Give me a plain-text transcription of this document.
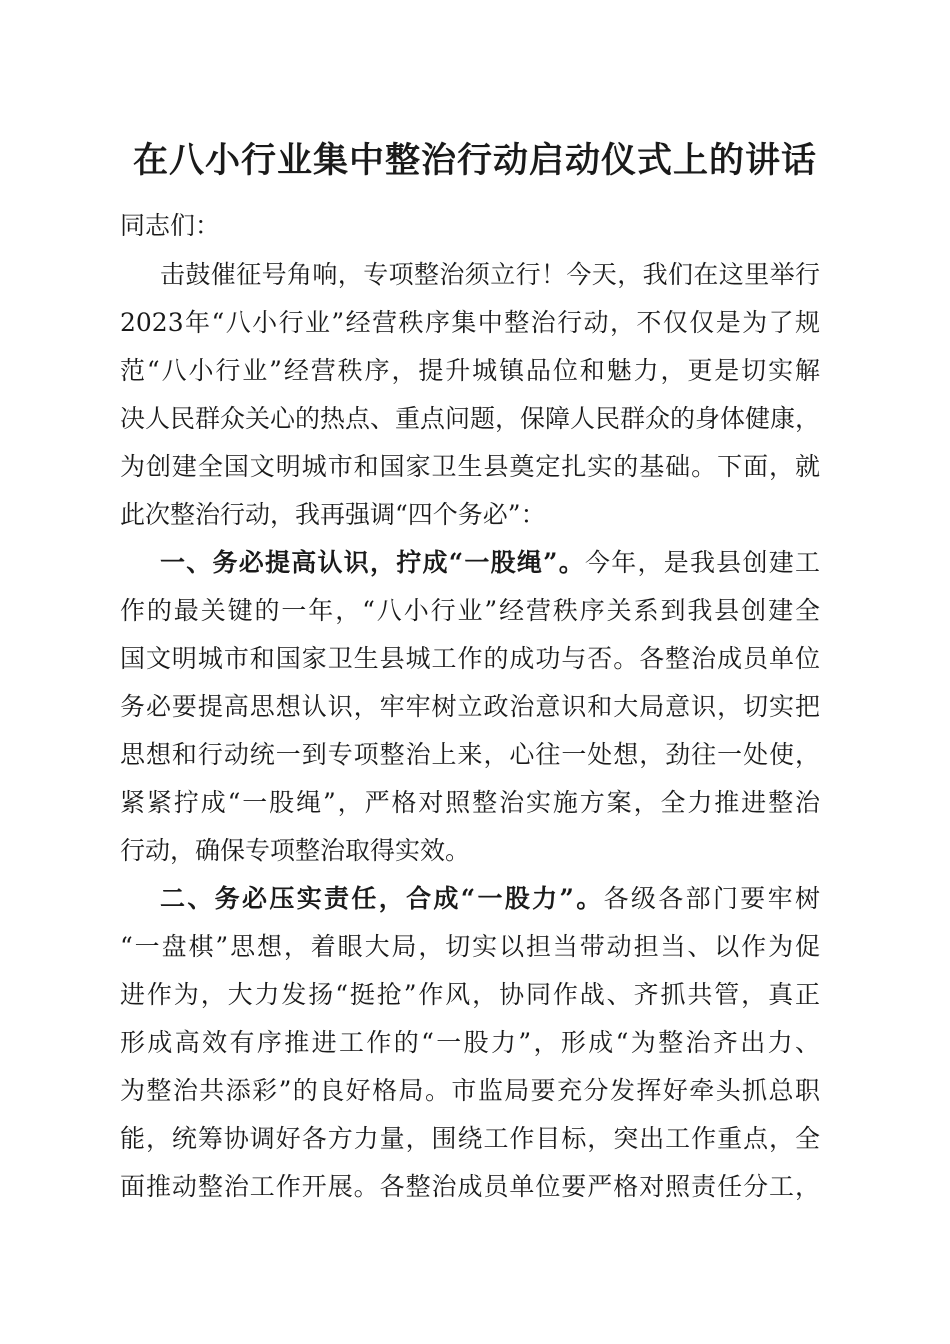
在八小行业集中整治行动启动仪式上的讲话
同志们：
击鼓催征号角响，专项整治须立行！今天，我们在这里举行
2023年“八小行业”经营秩序集中整治行动，不仅仅是为了规
范“八小行业”经营秩序，提升城镇品位和魅力，更是切实解
决人民群众关心的热点、重点问题，保障人民群众的身体健康，
为创建全国文明城市和国家卫生县奠定扎实的基础。下面，就
此次整治行动，我再强调“四个务必”：
一、务必提高认识，拧成“一股绳”。今年，是我县创建工
作的最关键的一年，“八小行业”经营秩序关系到我县创建全
国文明城市和国家卫生县城工作的成功与否。各整治成员单位
务必要提高思想认识，牢牢树立政治意识和大局意识，切实把
思想和行动统一到专项整治上来，心往一处想，劲往一处使，
紧紧拧成“一股绳”，严格对照整治实施方案，全力推进整治
行动，确保专项整治取得实效。
二、务必压实责任，合成“一股力”。各级各部门要牢树
“一盘棋”思想，着眼大局，切实以担当带动担当、以作为促
进作为，大力发扬“挺抢”作风，协同作战、齐抓共管，真正
形成高效有序推进工作的“一股力”，形成“为整治齐出力、
为整治共添彩”的良好格局。市监局要充分发挥好牵头抓总职
能，统筹协调好各方力量，围绕工作目标，突出工作重点，全
面推动整治工作开展。各整治成员单位要严格对照责任分工，
